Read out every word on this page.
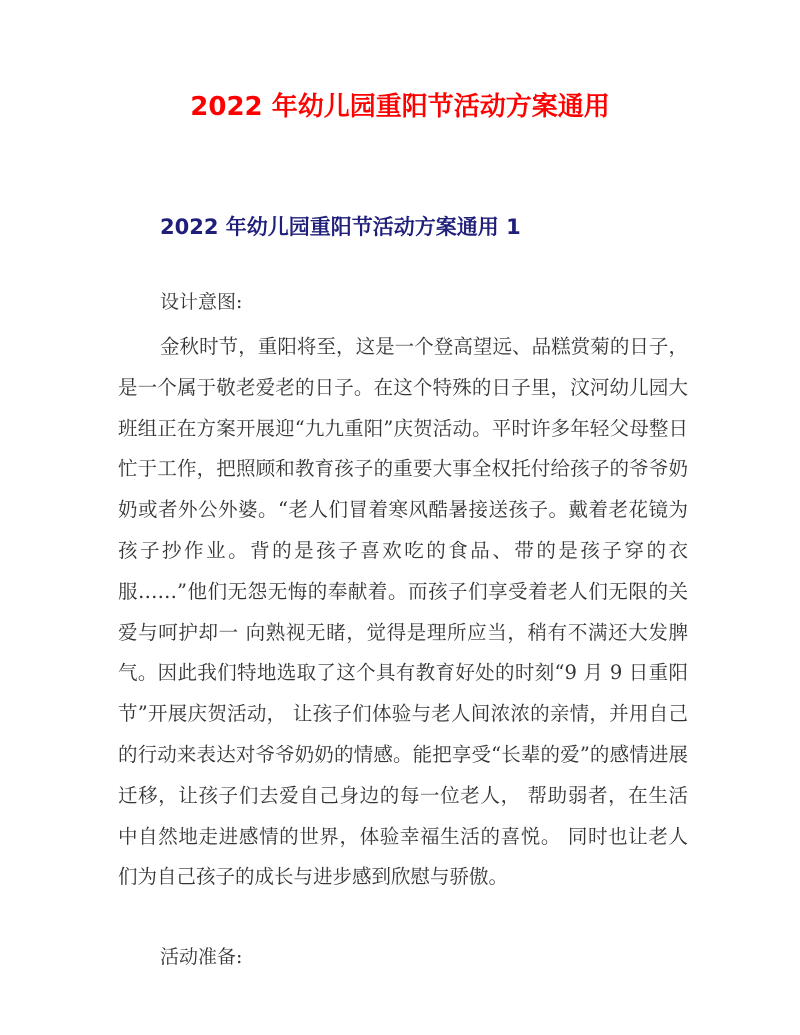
2022 年幼儿园重阳节活动方案通用
2022 年幼儿园重阳节活动方案通用 1

设计意图:

金秋时节，重阳将至，这是一个登高望远、品糕赏菊的日子，是一个属于敬老爱老的日子。在这个特殊的日子里，汶河幼儿园大班组正在方案开展迎“九九重阳”庆贺活动。平时许多年轻父母整日忙于工作，把照顾和教育孩子的重要大事全权托付给孩子的爷爷奶奶或者外公外婆。“老人们冒着寒风酷暑接送孩子。戴着老花镜为孩子抄作业。背的是孩子喜欢吃的食品、带的是孩子穿的衣服……”他们无怨无悔的奉献着。而孩子们享受着老人们无限的关爱与呵护却一 向熟视无睹，觉得是理所应当，稍有不满还大发脾气。因此我们特地选取了这个具有教育好处的时刻“9 月 9 日重阳节”开展庆贺活动， 让孩子们体验与老人间浓浓的亲情，并用自己的行动来表达对爷爷奶奶的情感。能把享受“长辈的爱”的感情进展迁移，让孩子们去爱自己身边的每一位老人， 帮助弱者，在生活中自然地走进感情的世界，体验幸福生活的喜悦。 同时也让老人们为自己孩子的成长与进步感到欣慰与骄傲。

活动准备:
